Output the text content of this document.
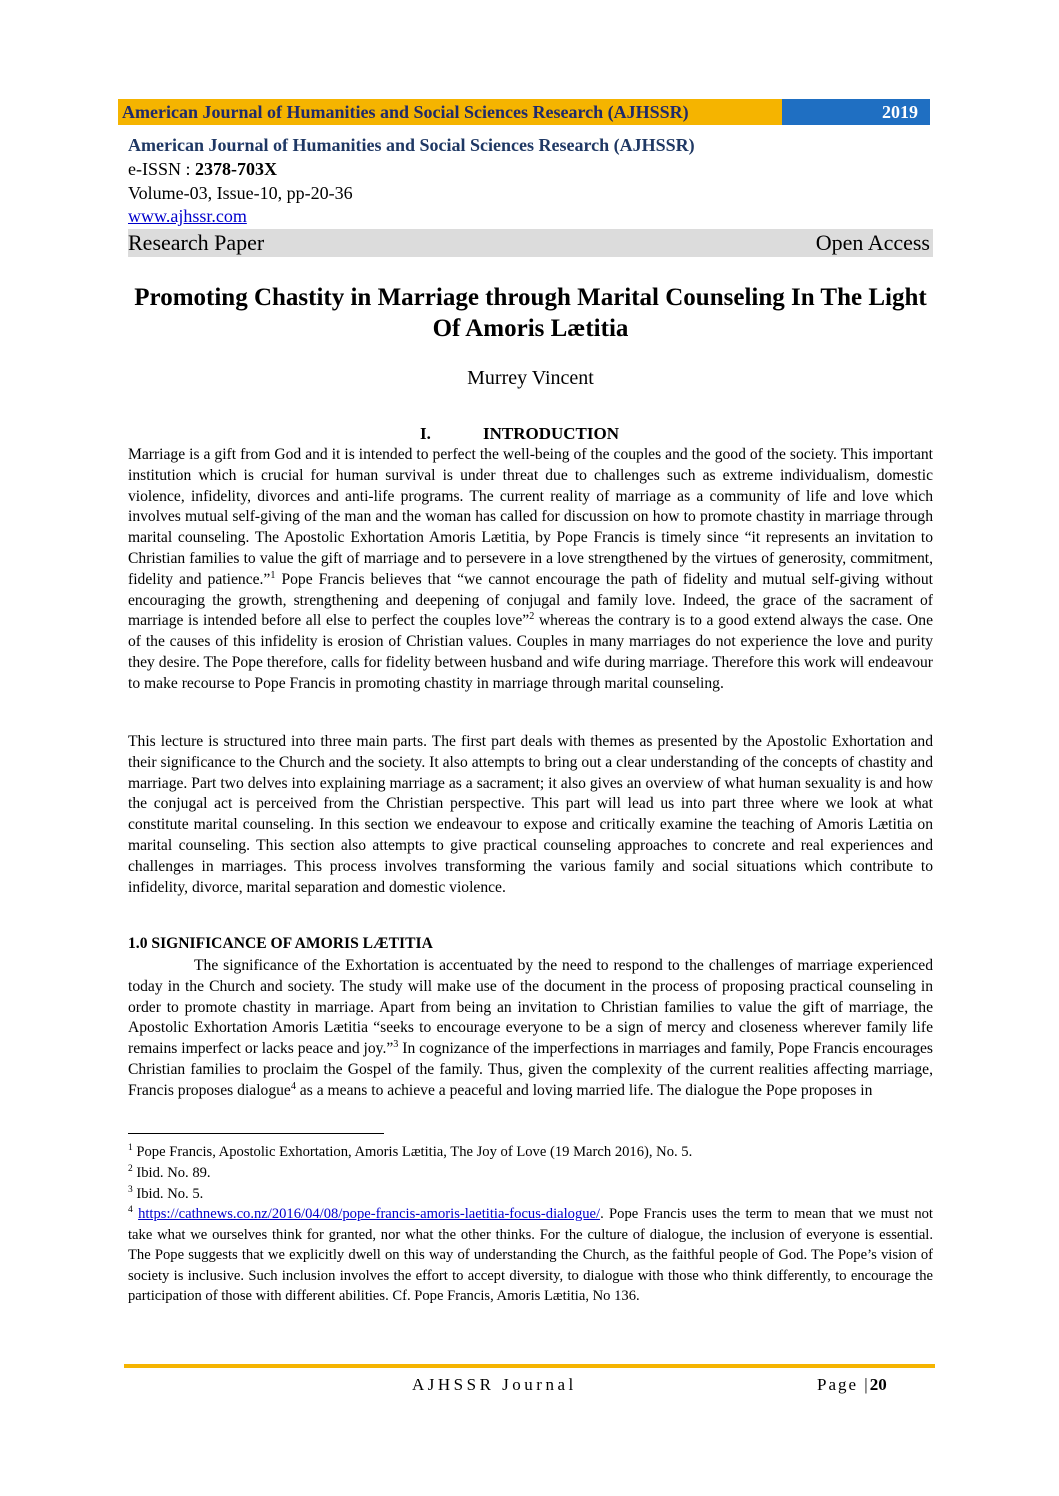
American Journal of Humanities and Social Sciences Research (AJHSSR)	2019
American Journal of Humanities and Social Sciences Research (AJHSSR)
e-ISSN : 2378-703X
Volume-03, Issue-10, pp-20-36
www.ajhssr.com
Research Paper	Open Access
Promoting Chastity in Marriage through Marital Counseling In The Light Of Amoris Lætitia
Murrey Vincent
I.	INTRODUCTION

Marriage is a gift from God and it is intended to perfect the well-being of the couples and the good of the society. This important institution which is crucial for human survival is under threat due to challenges such as extreme individualism, domestic violence, infidelity, divorces and anti-life programs. The current reality of marriage as a community of life and love which involves mutual self-giving of the man and the woman has called for discussion on how to promote chastity in marriage through marital counseling. The Apostolic Exhortation Amoris Lætitia, by Pope Francis is timely since “it represents an invitation to Christian families to value the gift of marriage and to persevere in a love strengthened by the virtues of generosity, commitment, fidelity and patience.”$^1$ Pope Francis believes that “we cannot encourage the path of fidelity and mutual self-giving without encouraging the growth, strengthening and deepening of conjugal and family love. Indeed, the grace of the sacrament of marriage is intended before all else to perfect the couples love”$^2$ whereas the contrary is to a good extend always the case. One of the causes of this infidelity is erosion of Christian values. Couples in many marriages do not experience the love and purity they desire. The Pope therefore, calls for fidelity between husband and wife during marriage. Therefore this work will endeavour to make recourse to Pope Francis in promoting chastity in marriage through marital counseling.

This lecture is structured into three main parts. The first part deals with themes as presented by the Apostolic Exhortation and their significance to the Church and the society. It also attempts to bring out a clear understanding of the concepts of chastity and marriage. Part two delves into explaining marriage as a sacrament; it also gives an overview of what human sexuality is and how the conjugal act is perceived from the Christian perspective. This part will lead us into part three where we look at what constitute marital counseling. In this section we endeavour to expose and critically examine the teaching of Amoris Lætitia on marital counseling. This section also attempts to give practical counseling approaches to concrete and real experiences and challenges in marriages. This process involves transforming the various family and social situations which contribute to infidelity, divorce, marital separation and domestic violence.

1.0 SIGNIFICANCE OF AMORIS LÆTITIA

The significance of the Exhortation is accentuated by the need to respond to the challenges of marriage experienced today in the Church and society. The study will make use of the document in the process of proposing practical counseling in order to promote chastity in marriage. Apart from being an invitation to Christian families to value the gift of marriage, the Apostolic Exhortation Amoris Lætitia “seeks to encourage everyone to be a sign of mercy and closeness wherever family life remains imperfect or lacks peace and joy.”$^3$ In cognizance of the imperfections in marriages and family, Pope Francis encourages Christian families to proclaim the Gospel of the family. Thus, given the complexity of the current realities affecting marriage, Francis proposes dialogue$^4$ as a means to achieve a peaceful and loving married life. The dialogue the Pope proposes in

$^1$ Pope Francis, Apostolic Exhortation, Amoris Lætitia, The Joy of Love (19 March 2016), No. 5.

$^2$ Ibid. No. 89.

$^3$ Ibid. No. 5.

$^4$ https://cathnews.co.nz/2016/04/08/pope-francis-amoris-laetitia-focus-dialogue/. Pope Francis uses the term to mean that we must not take what we ourselves think for granted, nor what the other thinks. For the culture of dialogue, the inclusion of everyone is essential. The Pope suggests that we explicitly dwell on this way of understanding the Church, as the faithful people of God. The Pope’s vision of society is inclusive. Such inclusion involves the effort to accept diversity, to dialogue with those who think differently, to encourage the participation of those with different abilities. Cf. Pope Francis, Amoris Lætitia, No 136.

AJHSSR Journal	Page |20
